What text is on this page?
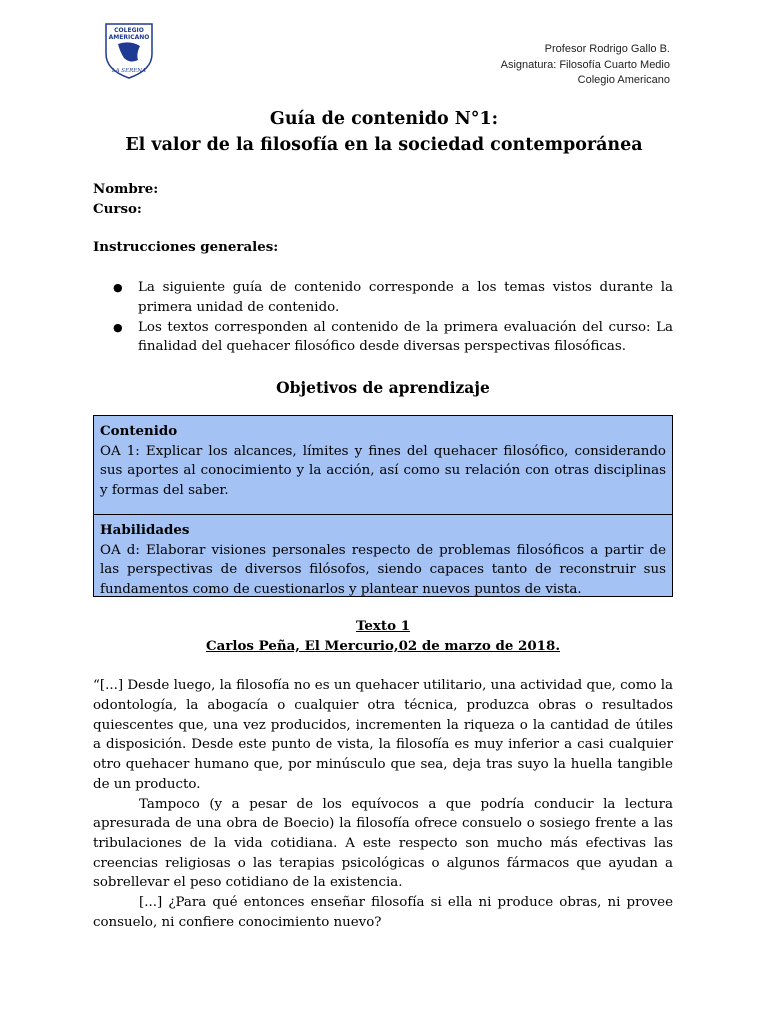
COLEGIO
AMERICANO
LA SERENA
Profesor Rodrigo Gallo B.
Asignatura: Filosofía Cuarto Medio
Colegio Americano
Guía de contenido N°1:
El valor de la filosofía en la sociedad contemporánea

Nombre:

Curso:

Instrucciones generales:

● La siguiente guía de contenido corresponde a los temas vistos durante la primera unidad de contenido.
● Los textos corresponden al contenido de la primera evaluación del curso: La finalidad del quehacer filosófico desde diversas perspectivas filosóficas.
Objetivos de aprendizaje
Contenido
OA 1: Explicar los alcances, límites y fines del quehacer filosófico, considerando sus aportes al conocimiento y la acción, así como su relación con otras disciplinas y formas del saber.
Habilidades
OA d: Elaborar visiones personales respecto de problemas filosóficos a partir de las perspectivas de diversos filósofos, siendo capaces tanto de reconstruir sus fundamentos como de cuestionarlos y plantear nuevos puntos de vista.
Texto 1
Carlos Peña, El Mercurio,02 de marzo de 2018.

“[...] Desde luego, la filosofía no es un quehacer utilitario, una actividad que, como la odontología, la abogacía o cualquier otra técnica, produzca obras o resultados quiescentes que, una vez producidos, incrementen la riqueza o la cantidad de útiles a disposición. Desde este punto de vista, la filosofía es muy inferior a casi cualquier otro quehacer humano que, por minúsculo que sea, deja tras suyo la huella tangible de un producto.

Tampoco (y a pesar de los equívocos a que podría conducir la lectura apresurada de una obra de Boecio) la filosofía ofrece consuelo o sosiego frente a las tribulaciones de la vida cotidiana. A este respecto son mucho más efectivas las creencias religiosas o las terapias psicológicas o algunos fármacos que ayudan a sobrellevar el peso cotidiano de la existencia.

[...] ¿Para qué entonces enseñar filosofía si ella ni produce obras, ni provee consuelo, ni confiere conocimiento nuevo?
